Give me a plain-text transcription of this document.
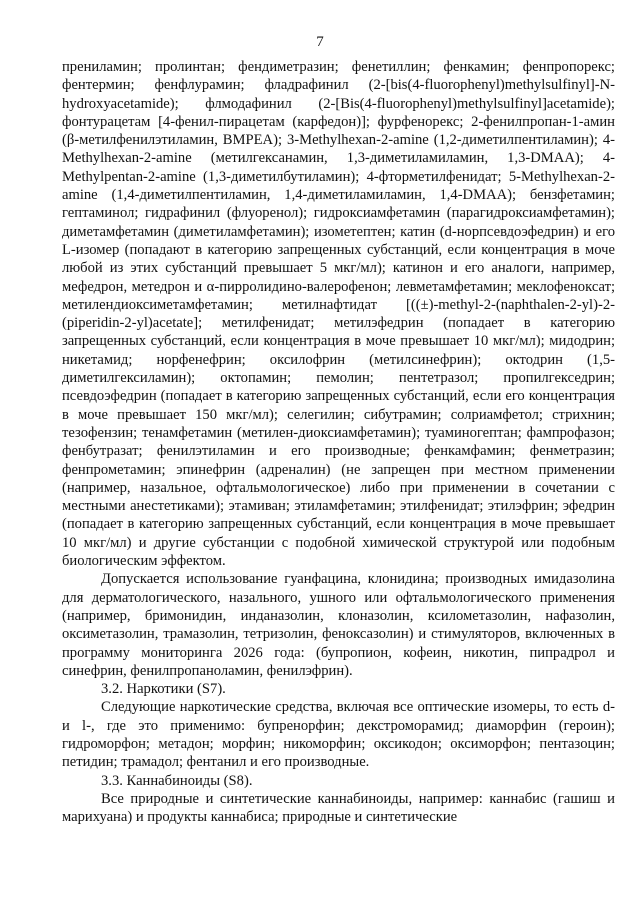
7

прениламин; пролинтан; фендиметразин; фенетиллин; фенкамин; фенпропорекс; фентермин; фенфлурамин; фладрафинил (2-[bis(4-fluorophenyl)methylsulfinyl]-N-hydroxyacetamide); флмодафинил (2-[Bis(4-fluorophenyl)methylsulfinyl]acetamide); фонтурацетам [4-фенил-пирацетам (карфедон)]; фурфенорекс; 2-фенилпропан-1-амин (β-метилфенилэтиламин, BMPEA); 3-Methylhexan-2-amine (1,2-диметилпентиламин); 4-Methylhexan-2-amine (метилгексанамин, 1,3-диметиламиламин, 1,3-DMAA); 4-Methylpentan-2-amine (1,3-диметилбутиламин); 4-фторметилфенидат; 5-Methylhexan-2-amine (1,4-диметилпентиламин, 1,4-диметиламиламин, 1,4-DMAA); бензфетамин; гептаминол; гидрафинил (флуоренол); гидроксиамфетамин (парагидроксиамфетамин); диметамфетамин (диметиламфетамин); изометептен; катин (d-норпсевдоэфедрин) и его L-изомер (попадают в категорию запрещенных субстанций, если концентрация в моче любой из этих субстанций превышает 5 мкг/мл); катинон и его аналоги, например, мефедрон, метедрон и α-пирролидино-валерофенон; левметамфетамин; меклофеноксат; метилендиоксиметамфетамин; метилнафтидат [((±)-methyl-2-(naphthalen-2-yl)-2-(piperidin-2-yl)acetate]; метилфенидат; метилэфедрин (попадает в категорию запрещенных субстанций, если концентрация в моче превышает 10 мкг/мл); мидодрин; никетамид; норфенефрин; оксилофрин (метилсинефрин); октодрин (1,5-диметилгексиламин); октопамин; пемолин; пентетразол; пропилгекседрин; псевдоэфедрин (попадает в категорию запрещенных субстанций, если его концентрация в моче превышает 150 мкг/мл); селегилин; сибутрамин; солриамфетол; стрихнин; тезофензин; тенамфетамин (метилен-диоксиамфетамин); туаминогептан; фампрофазон; фенбутразат; фенилэтиламин и его производные; фенкамфамин; фенметразин; фенпрометамин; эпинефрин (адреналин) (не запрещен при местном применении (например, назальное, офтальмологическое) либо при применении в сочетании с местными анестетиками); этамиван; этиламфетамин; этилфенидат; этилэфрин; эфедрин (попадает в категорию запрещенных субстанций, если концентрация в моче превышает 10 мкг/мл) и другие субстанции с подобной химической структурой или подобным биологическим эффектом.

Допускается использование гуанфацина, клонидина; производных имидазолина для дерматологического, назального, ушного или офтальмологического применения (например, бримонидин, инданазолин, клоназолин, ксилометазолин, нафазолин, оксиметазолин, трамазолин, тетризолин, феноксазолин) и стимуляторов, включенных в программу мониторинга 2026 года: (бупропион, кофеин, никотин, пипрадрол и синефрин, фенилпропаноламин, фенилэфрин).

3.2. Наркотики (S7).

Следующие наркотические средства, включая все оптические изомеры, то есть d- и l-, где это применимо: бупренорфин; декстроморамид; диаморфин (героин); гидроморфон; метадон; морфин; никоморфин; оксикодон; оксиморфон; пентазоцин; петидин; трамадол; фентанил и его производные.

3.3. Каннабиноиды (S8).

Все природные и синтетические каннабиноиды, например: каннабис (гашиш и марихуана) и продукты каннабиса; природные и синтетические
